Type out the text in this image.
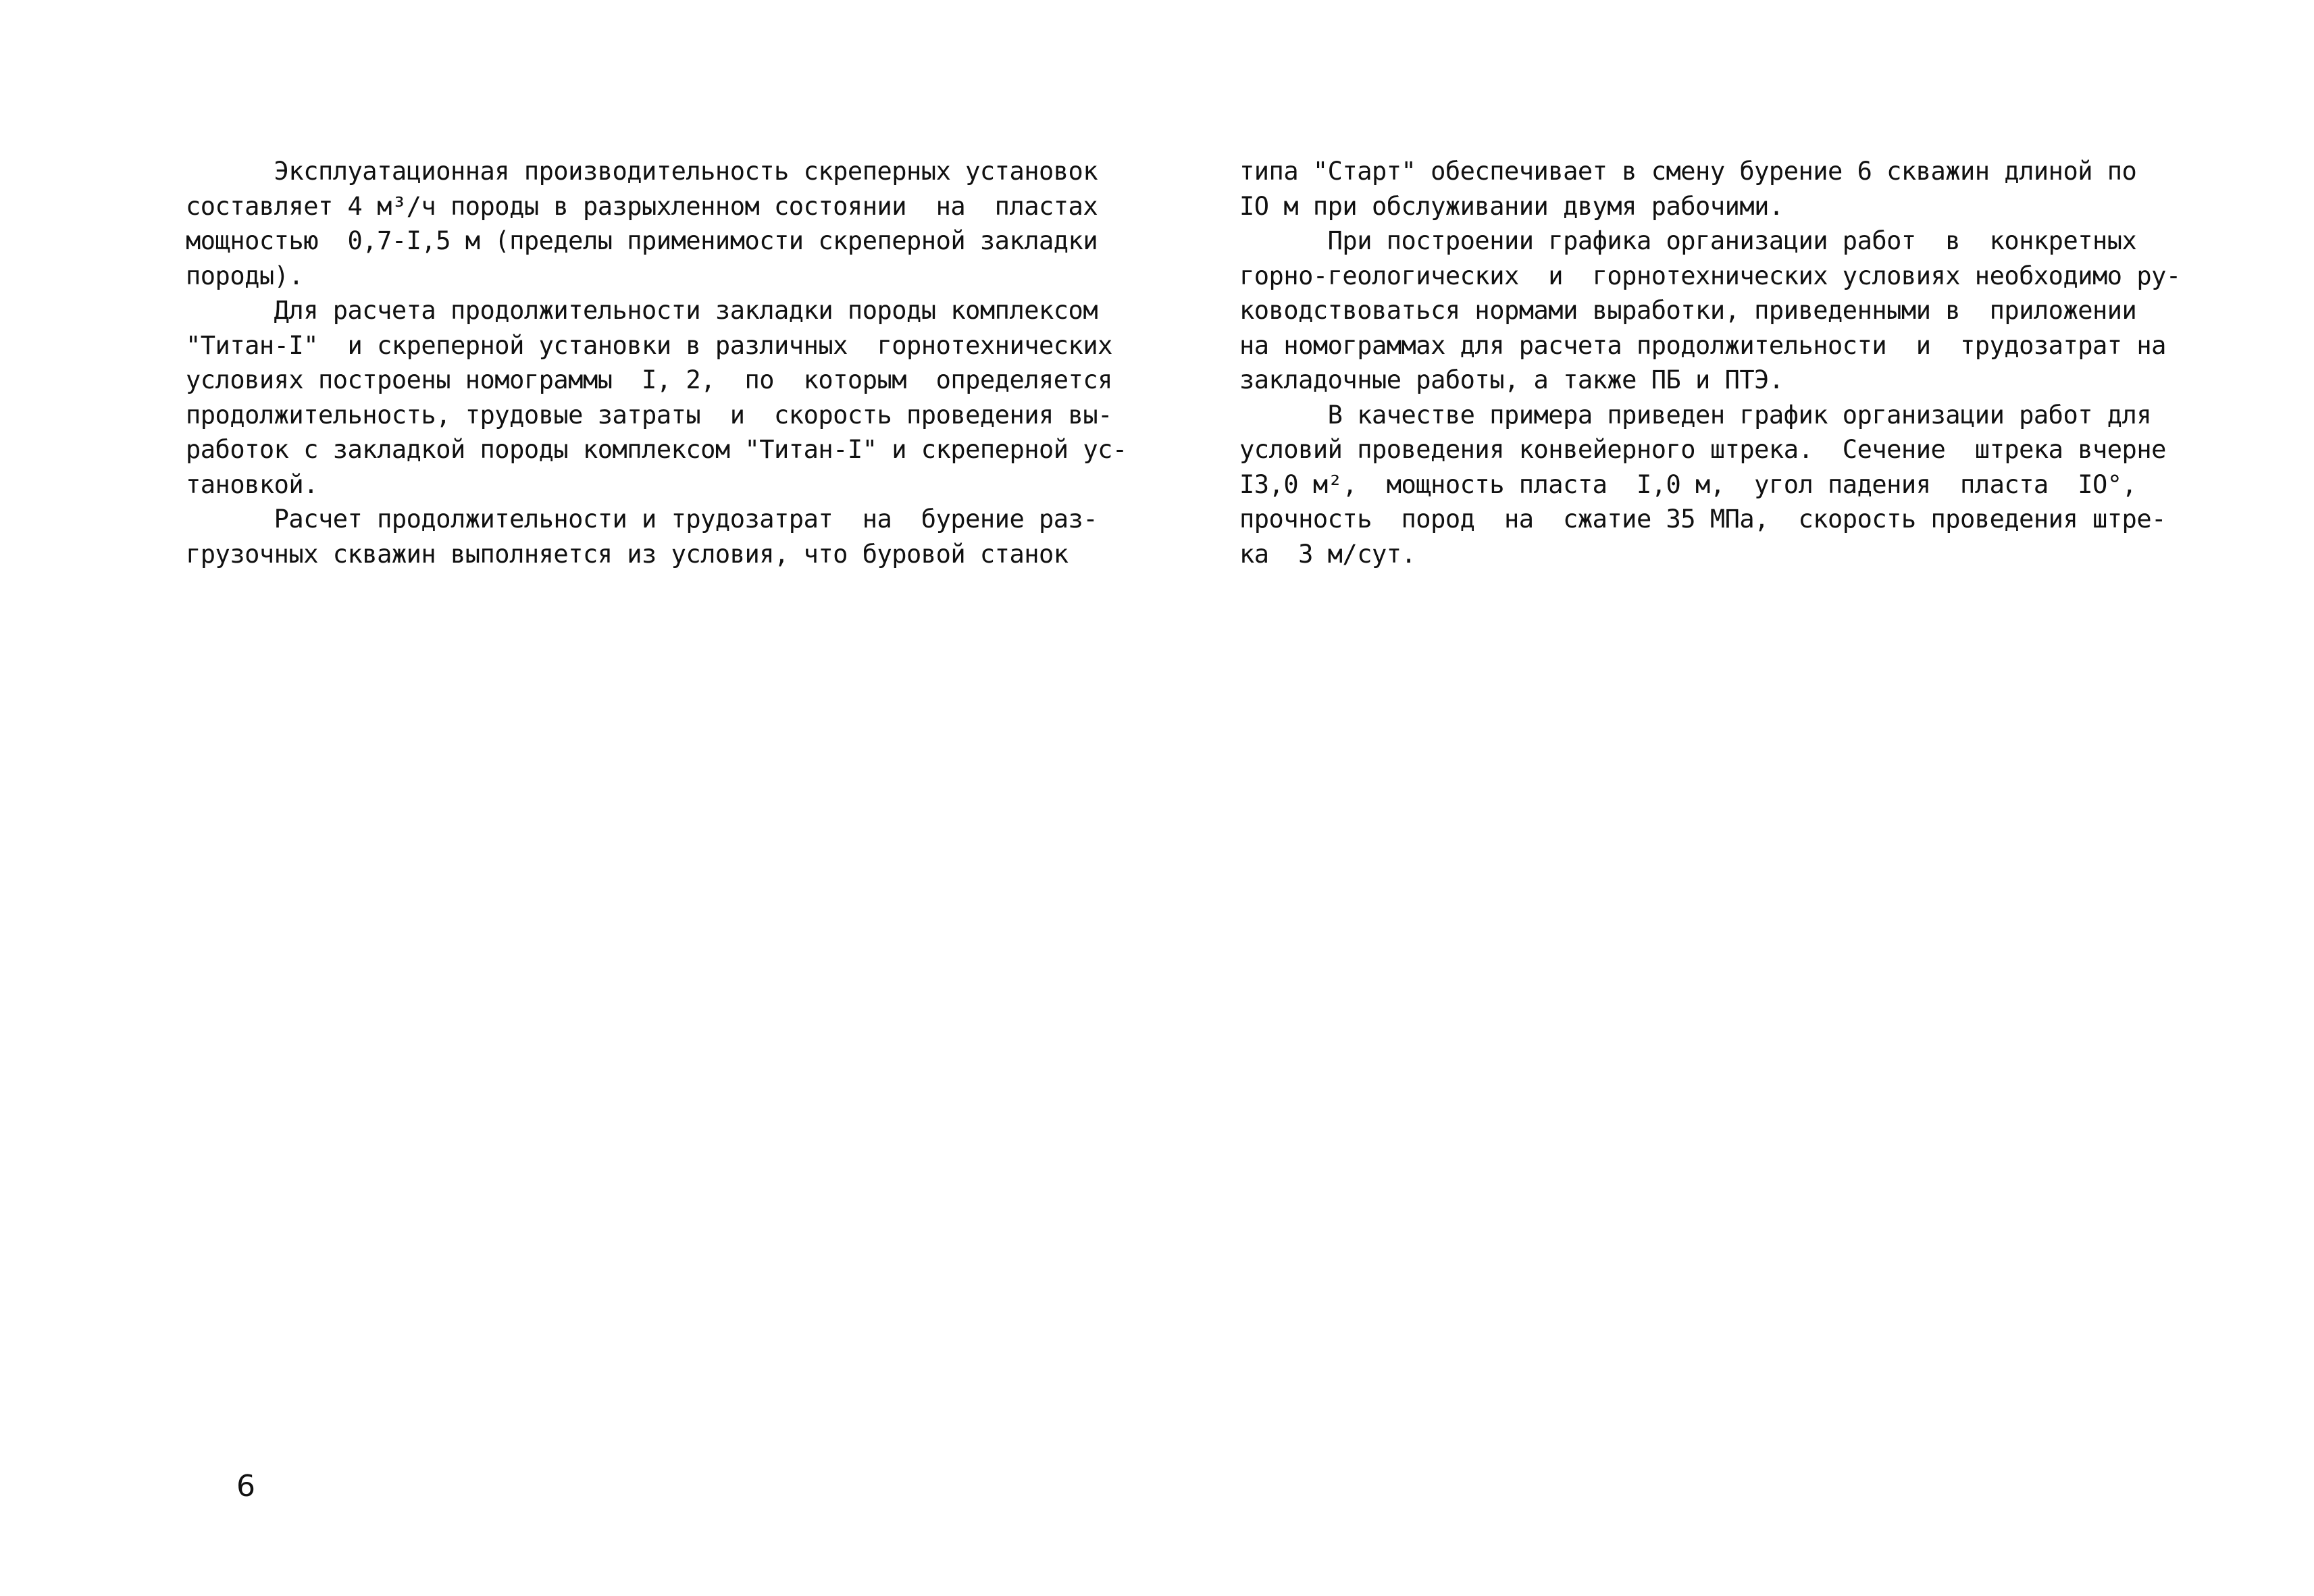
Эксплуатационная производительность скреперных установок
составляет 4 м³/ч породы в разрыхленном состоянии  на  пластах
мощностью  0,7-I,5 м (пределы применимости скреперной закладки
породы).
Для расчета продолжительности закладки породы комплексом
"Титан-I"  и скреперной установки в различных  горнотехнических
условиях построены номограммы  I, 2,  по  которым  определяется
продолжительность, трудовые затраты  и  скорость проведения вы-
работок с закладкой породы комплексом "Титан-I" и скреперной ус-
тановкой.
Расчет продолжительности и трудозатрат  на  бурение раз-
грузочных скважин выполняется из условия, что буровой станок
типа "Старт" обеспечивает в смену бурение 6 скважин длиной по
IO м при обслуживании двумя рабочими.
При построении графика организации работ  в  конкретных
горно-геологических  и  горнотехнических условиях необходимо ру-
ководствоваться нормами выработки, приведенными в  приложении
на номограммах для расчета продолжительности  и  трудозатрат на
закладочные работы, а также ПБ и ПТЭ.
В качестве примера приведен график организации работ для
условий проведения конвейерного штрека.  Сечение  штрека вчерне
I3,0 м²,  мощность пласта  I,0 м,  угол падения  пласта  IO°,
прочность  пород  на  сжатие 35 МПа,  скорость проведения штре-
ка  3 м/сут.
6
